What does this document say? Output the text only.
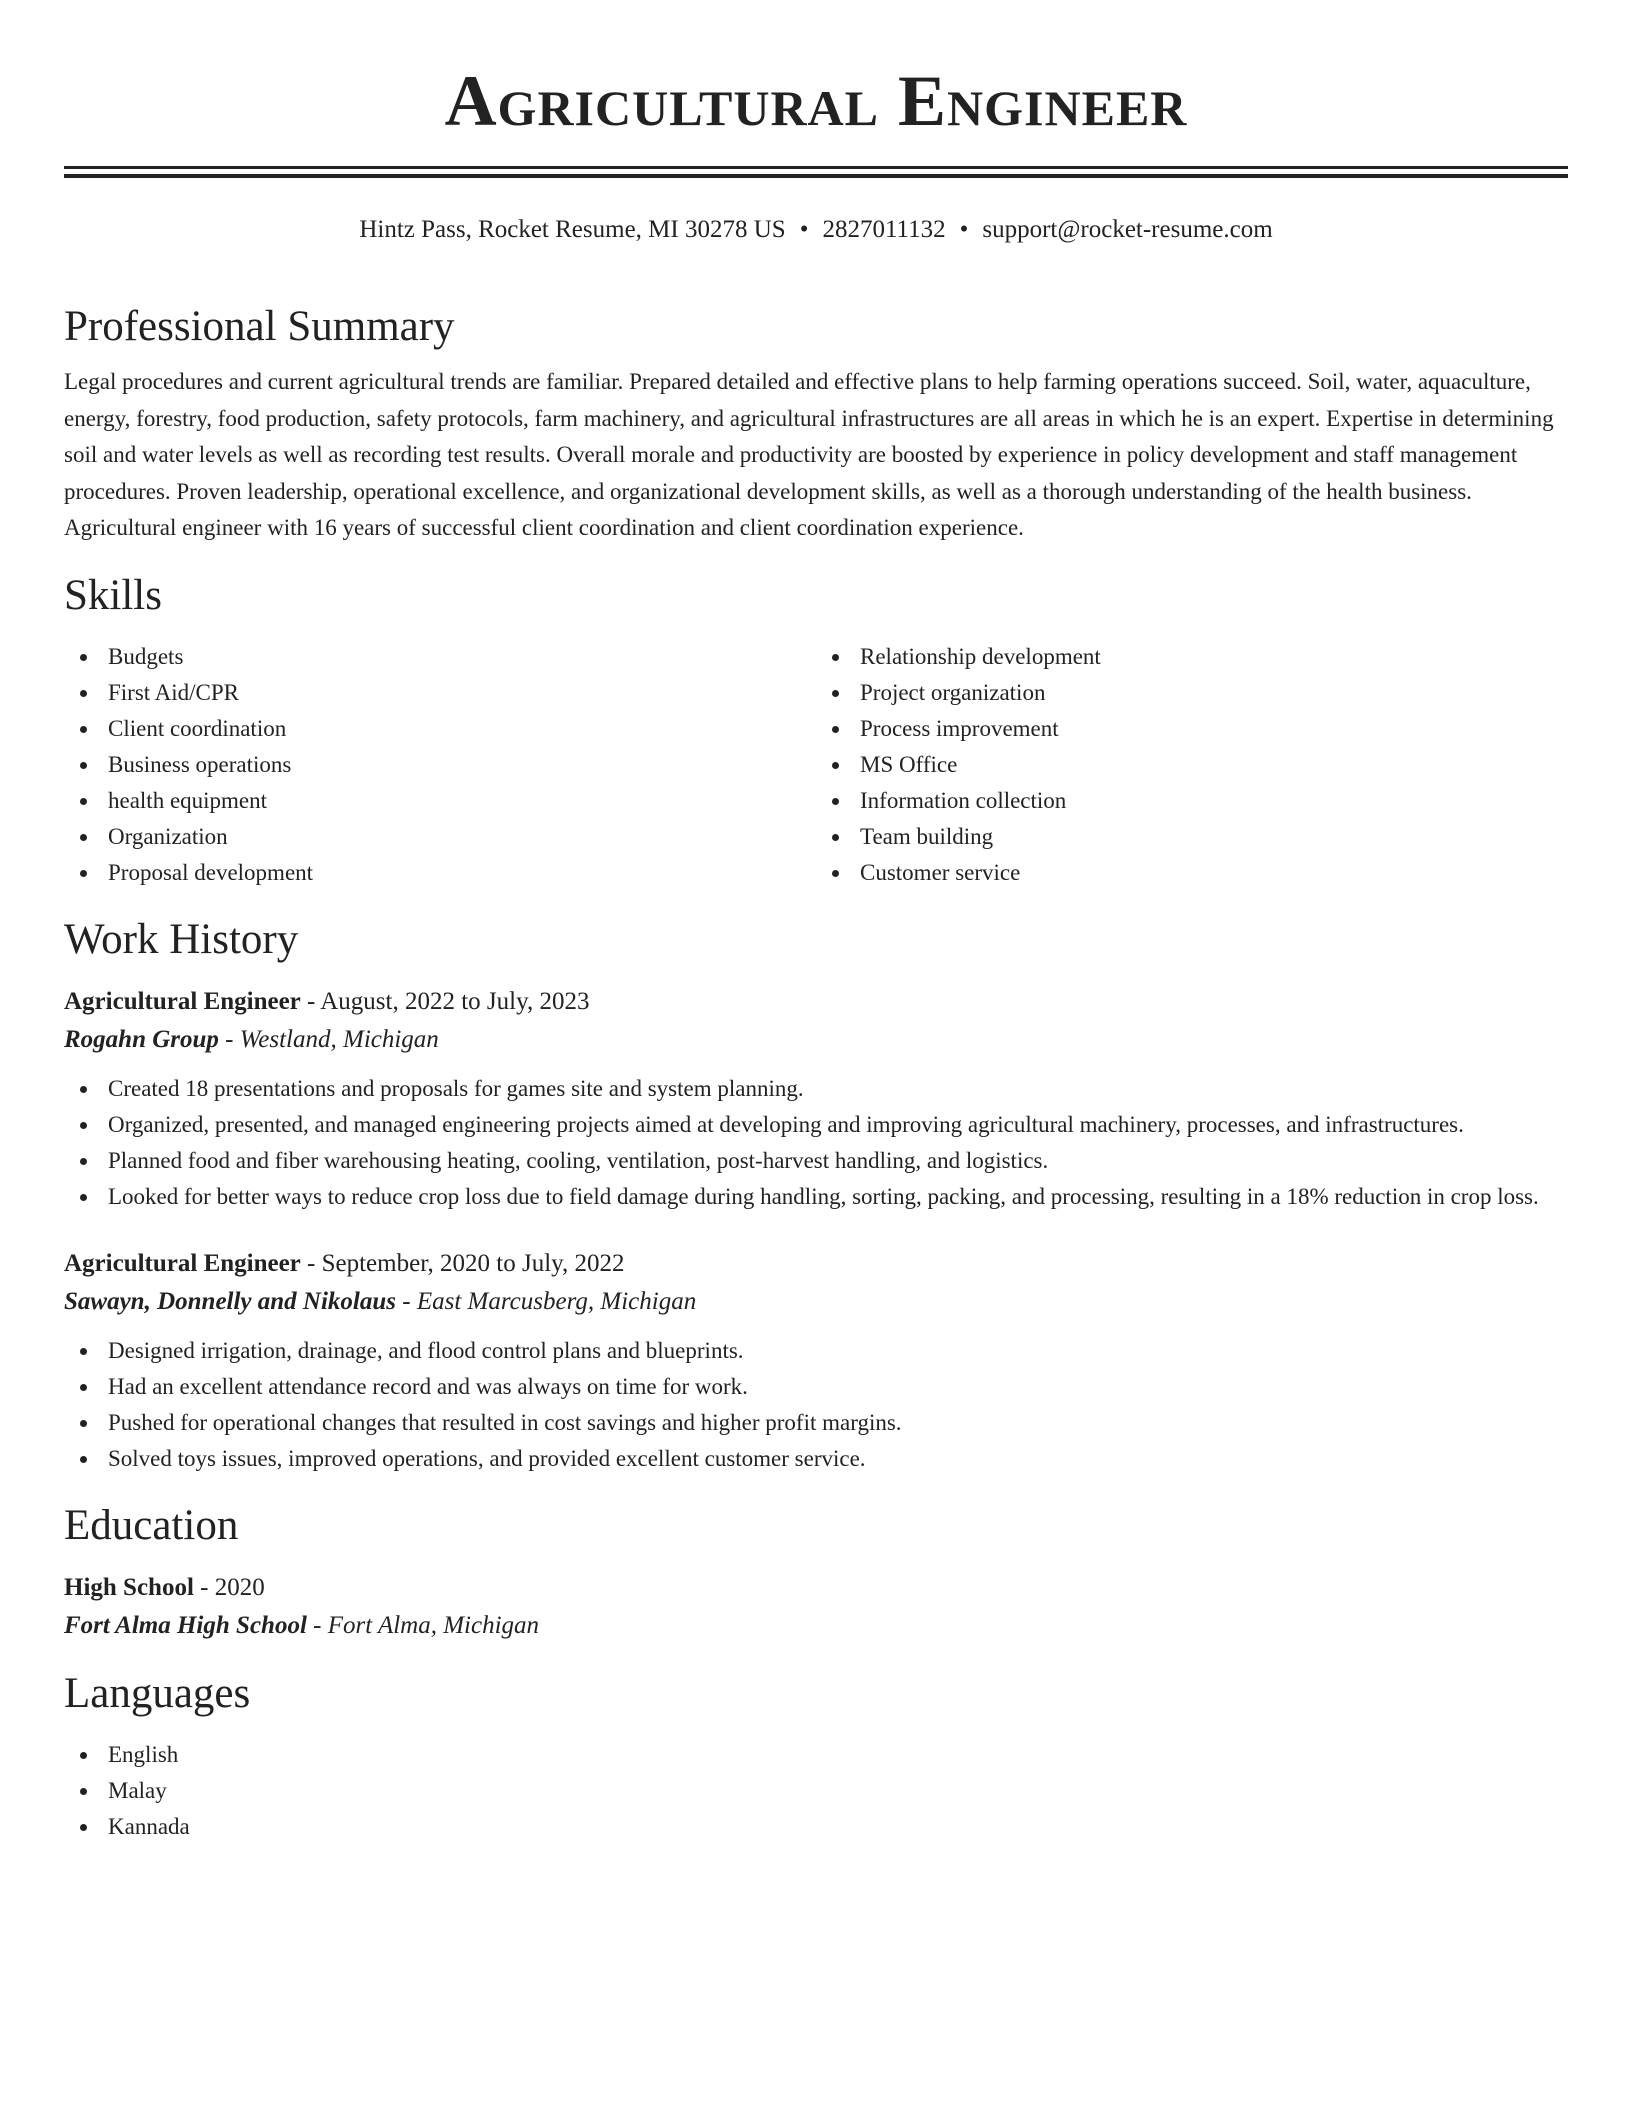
Agricultural Engineer
Hintz Pass, Rocket Resume, MI 30278 US • 2827011132 • support@rocket-resume.com
Professional Summary

Legal procedures and current agricultural trends are familiar. Prepared detailed and effective plans to help farming operations succeed. Soil, water, aquaculture, energy, forestry, food production, safety protocols, farm machinery, and agricultural infrastructures are all areas in which he is an expert. Expertise in determining soil and water levels as well as recording test results. Overall morale and productivity are boosted by experience in policy development and staff management procedures. Proven leadership, operational excellence, and organizational development skills, as well as a thorough understanding of the health business. Agricultural engineer with 16 years of successful client coordination and client coordination experience.

Skills
Budgets
First Aid/CPR
Client coordination
Business operations
health equipment
Organization
Proposal development
Relationship development
Project organization
Process improvement
MS Office
Information collection
Team building
Customer service
Work History
Agricultural Engineer - August, 2022 to July, 2023
Rogahn Group - Westland, Michigan
Created 18 presentations and proposals for games site and system planning.
Organized, presented, and managed engineering projects aimed at developing and improving agricultural machinery, processes, and infrastructures.
Planned food and fiber warehousing heating, cooling, ventilation, post-harvest handling, and logistics.
Looked for better ways to reduce crop loss due to field damage during handling, sorting, packing, and processing, resulting in a 18% reduction in crop loss.
Agricultural Engineer - September, 2020 to July, 2022
Sawayn, Donnelly and Nikolaus - East Marcusberg, Michigan
Designed irrigation, drainage, and flood control plans and blueprints.
Had an excellent attendance record and was always on time for work.
Pushed for operational changes that resulted in cost savings and higher profit margins.
Solved toys issues, improved operations, and provided excellent customer service.
Education
High School - 2020
Fort Alma High School - Fort Alma, Michigan
Languages
English
Malay
Kannada
